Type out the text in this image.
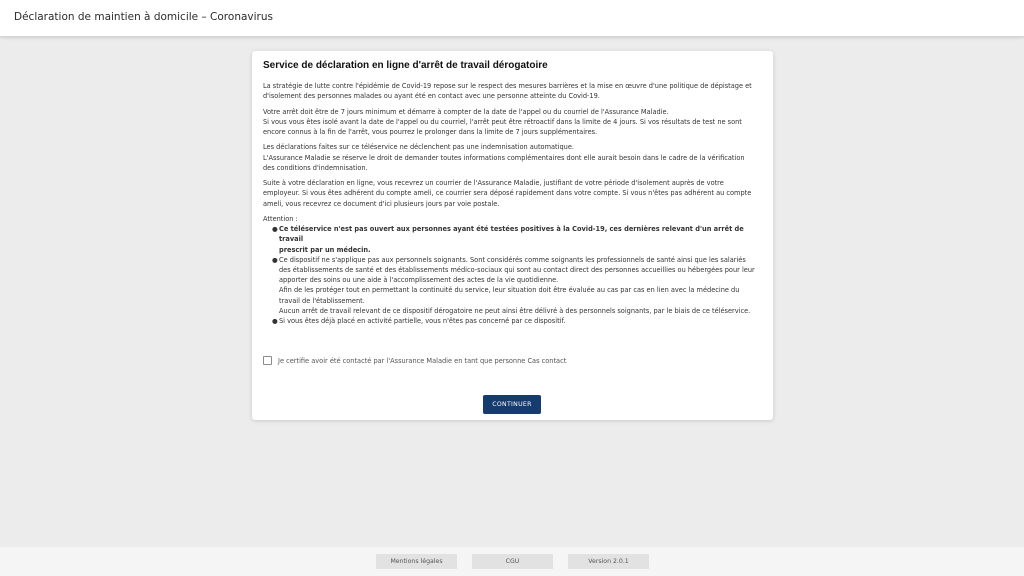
Déclaration de maintien à domicile – Coronavirus
Service de déclaration en ligne d'arrêt de travail dérogatoire

La stratégie de lutte contre l'épidémie de Covid-19 repose sur le respect des mesures barrières et la mise en œuvre d'une politique de dépistage et
d'isolement des personnes malades ou ayant été en contact avec une personne atteinte du Covid-19.

Votre arrêt doit être de 7 jours minimum et démarre à compter de la date de l'appel ou du courriel de l'Assurance Maladie.
Si vous vous êtes isolé avant la date de l'appel ou du courriel, l'arrêt peut être rétroactif dans la limite de 4 jours. Si vos résultats de test ne sont
encore connus à la fin de l'arrêt, vous pourrez le prolonger dans la limite de 7 jours supplémentaires.

Les déclarations faites sur ce téléservice ne déclenchent pas une indemnisation automatique.
L'Assurance Maladie se réserve le droit de demander toutes informations complémentaires dont elle aurait besoin dans le cadre de la vérification
des conditions d'indemnisation.

Suite à votre déclaration en ligne, vous recevrez un courrier de l'Assurance Maladie, justifiant de votre période d'isolement auprès de votre
employeur. Si vous êtes adhérent du compte ameli, ce courrier sera déposé rapidement dans votre compte. Si vous n'êtes pas adhérent au compte
ameli, vous recevrez ce document d'ici plusieurs jours par voie postale.

Attention :
● Ce téléservice n'est pas ouvert aux personnes ayant été testées positives à la Covid-19, ces dernières relevant d'un arrêt de travail
prescrit par un médecin.
● Ce dispositif ne s'applique pas aux personnels soignants. Sont considérés comme soignants les professionnels de santé ainsi que les salariés
des établissements de santé et des établissements médico-sociaux qui sont au contact direct des personnes accueillies ou hébergées pour leur
apporter des soins ou une aide à l'accomplissement des actes de la vie quotidienne.
Afin de les protéger tout en permettant la continuité du service, leur situation doit être évaluée au cas par cas en lien avec la médecine du
travail de l'établissement.
Aucun arrêt de travail relevant de ce dispositif dérogatoire ne peut ainsi être délivré à des personnels soignants, par le biais de ce téléservice.
● Si vous êtes déjà placé en activité partielle, vous n'êtes pas concerné par ce dispositif.
Je certifie avoir été contacté par l'Assurance Maladie en tant que personne Cas contact
CONTINUER
Mentions légales	CGU	Version 2.0.1
